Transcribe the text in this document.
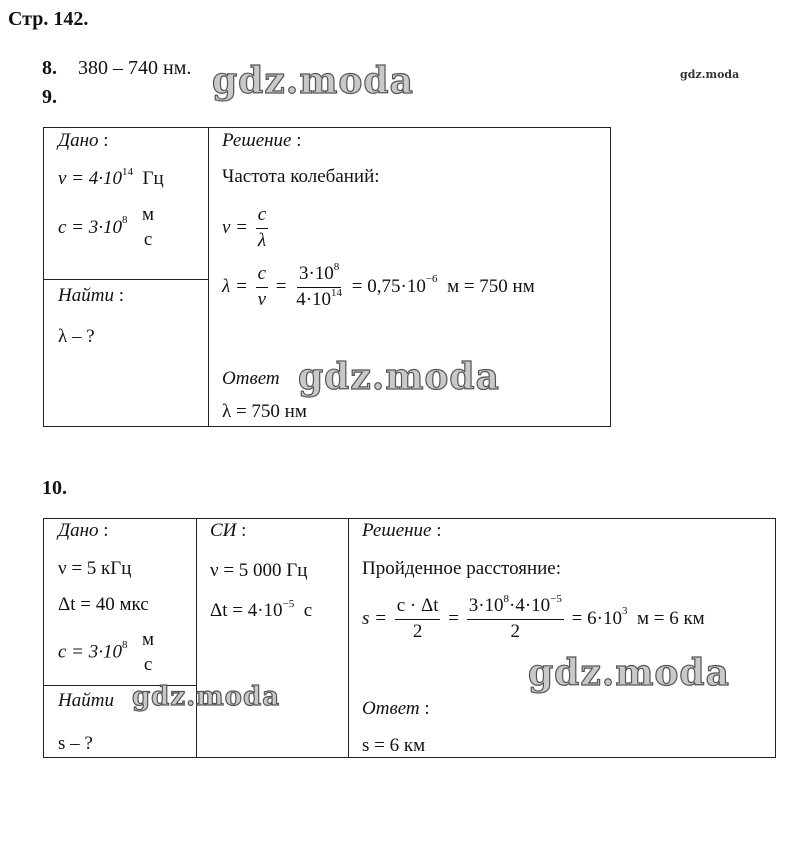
Стр. 142.
8. 380 – 740 нм.
9.
Дано :
$\nu = 4\cdot 10^{14}$ Гц
$c = 3\cdot 10^8$ м
с
Найти :
λ – ?
Решение :
Частота колебаний:
$\nu = \frac{c}{\lambda}$
$\lambda = \frac{c}{\nu} = \frac{3\cdot 10^8}{4\cdot 10^{14}} = 0,75\cdot 10^{-6}$ м = 750 нм
Ответ
λ = 750 нм
10.
Дано :
ν = 5 кГц
Δt = 40 мкс
$c = 3\cdot 10^8$ м
с
Найти
s – ?
СИ :
ν = 5 000 Гц
$\Delta t = 4\cdot 10^{-5}$ с
Решение :
Пройденное расстояние:
$s = \frac{c \cdot \Delta t}{2} = \frac{3\cdot 10^8\cdot 4\cdot 10^{-5}}{2} = 6\cdot 10^3$ м = 6 км
Ответ :
s = 6 км
gdz.moda	gdz.moda
gdz.moda
gdz.moda
gdz.moda
